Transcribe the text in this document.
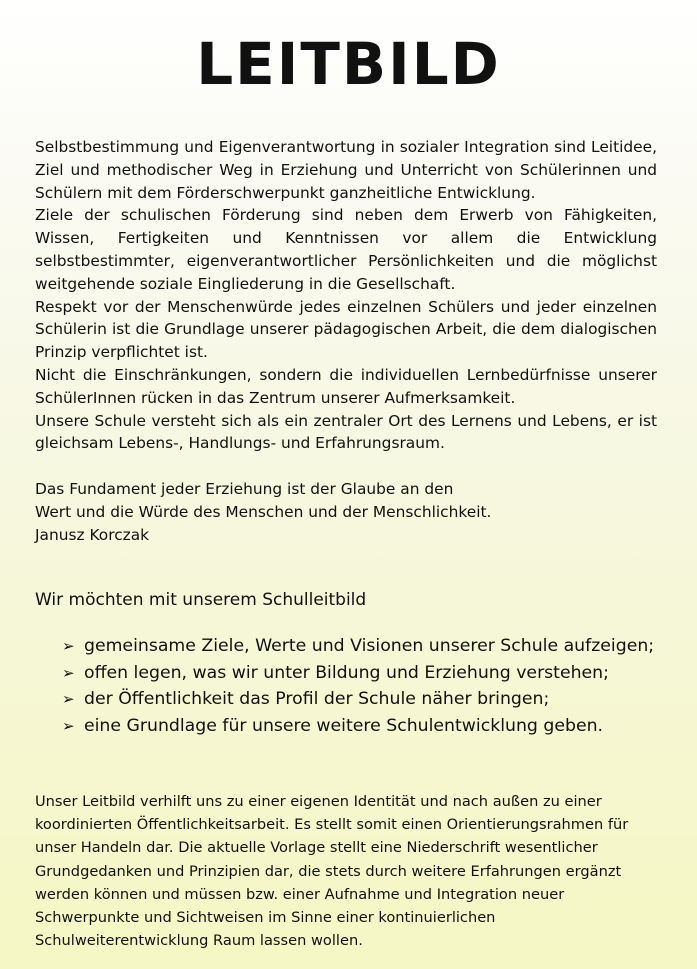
LEITBILD

Selbstbestimmung und Eigenverantwortung in sozialer Integration sind Leitidee, Ziel und methodischer Weg in Erziehung und Unterricht von Schülerinnen und Schülern mit dem Förderschwerpunkt ganzheitliche Entwicklung.

Ziele der schulischen Förderung sind neben dem Erwerb von Fähigkeiten, Wissen, Fertigkeiten und Kenntnissen vor allem die Entwicklung selbstbestimmter, eigenverantwortlicher Persönlichkeiten und die möglichst weitgehende soziale Eingliederung in die Gesellschaft.

Respekt vor der Menschenwürde jedes einzelnen Schülers und jeder einzelnen Schülerin ist die Grundlage unserer pädagogischen Arbeit, die dem dialogischen Prinzip verpflichtet ist.

Nicht die Einschränkungen, sondern die individuellen Lernbedürfnisse unserer SchülerInnen rücken in das Zentrum unserer Aufmerksamkeit.

Unsere Schule versteht sich als ein zentraler Ort des Lernens und Lebens, er ist gleichsam Lebens-, Handlungs- und Erfahrungsraum.

Das Fundament jeder Erziehung ist der Glaube an den

Wert und die Würde des Menschen und der Menschlichkeit.

Janusz Korczak

Wir möchten mit unserem Schulleitbild

➢ gemeinsame Ziele, Werte und Visionen unserer Schule aufzeigen;
➢ offen legen, was wir unter Bildung und Erziehung verstehen;
➢ der Öffentlichkeit das Profil der Schule näher bringen;
➢ eine Grundlage für unsere weitere Schulentwicklung geben.

Unser Leitbild verhilft uns zu einer eigenen Identität und nach außen zu einer koordinierten Öffentlichkeitsarbeit. Es stellt somit einen Orientierungsrahmen für unser Handeln dar. Die aktuelle Vorlage stellt eine Niederschrift wesentlicher Grundgedanken und Prinzipien dar, die stets durch weitere Erfahrungen ergänzt werden können und müssen bzw. einer Aufnahme und Integration neuer Schwerpunkte und Sichtweisen im Sinne einer kontinuierlichen Schulweiterentwicklung Raum lassen wollen.
